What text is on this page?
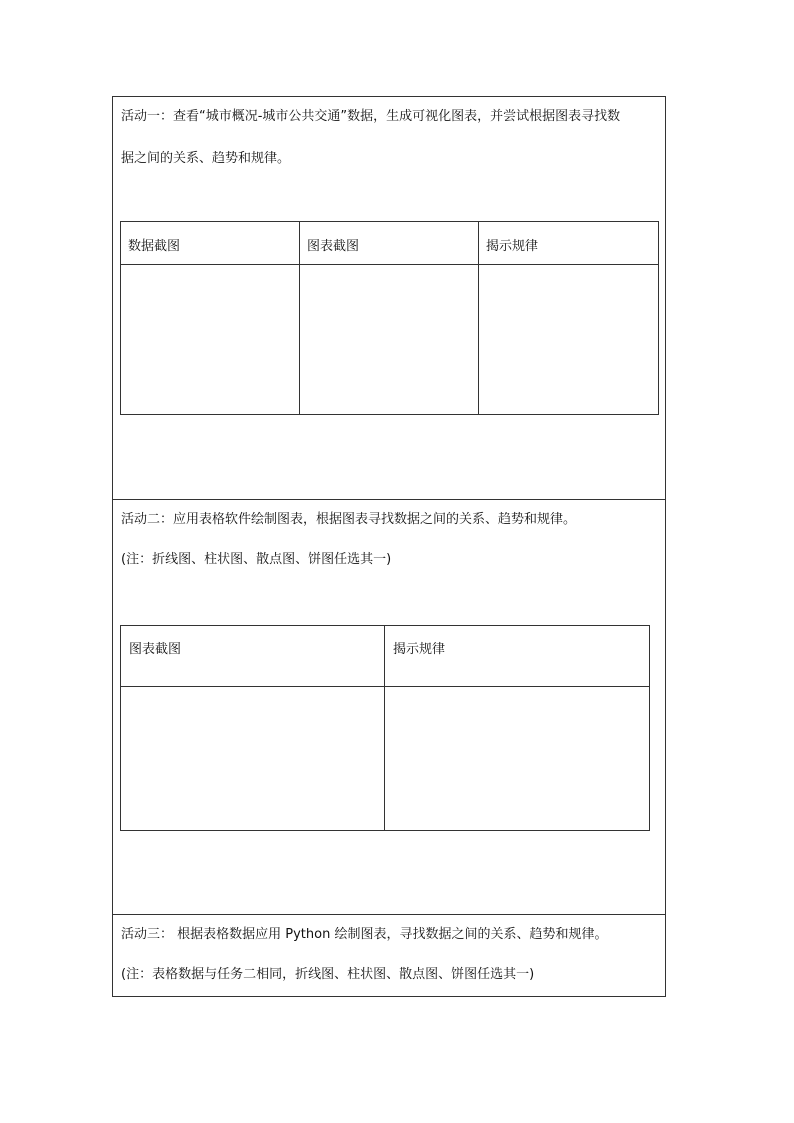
活动一：查看“城市概况-城市公共交通”数据，生成可视化图表，并尝试根据图表寻找数
据之间的关系、趋势和规律。
数据截图	图表截图	揭示规律
活动二：应用表格软件绘制图表，根据图表寻找数据之间的关系、趋势和规律。
(注：折线图、柱状图、散点图、饼图任选其一)
图表截图	揭示规律
活动三： 根据表格数据应用 Python 绘制图表，寻找数据之间的关系、趋势和规律。
(注：表格数据与任务二相同，折线图、柱状图、散点图、饼图任选其一)
